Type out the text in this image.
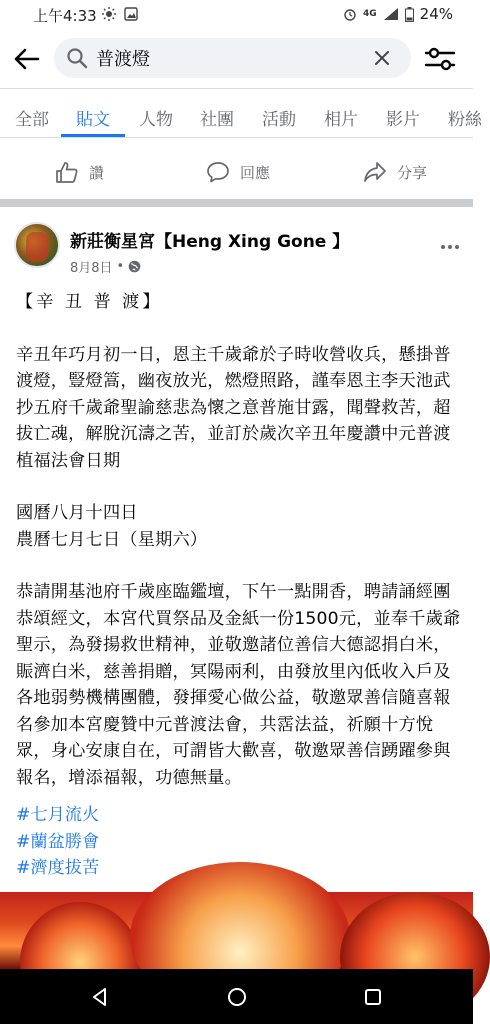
上午4:33	4G	24%
普渡燈
全部 貼文 人物 社團 活動 相片 影片 粉絲
讚	回應	分享
新莊衡星宮【Heng Xing Gone 】
8月8日 •

【辛 丑 普 渡】

辛丑年巧月初一日，恩主千歲爺於子時收營收兵，懸掛普渡燈，豎燈篙，幽夜放光，燃燈照路，謹奉恩主李天池武抄五府千歲爺聖諭慈悲為懷之意普施甘露，聞聲救苦，超拔亡魂，解脫沉濤之苦，並訂於歲次辛丑年慶讚中元普渡植福法會日期

國曆八月十四日
農曆七月七日（星期六）

恭請開基池府千歲座臨鑑壇，下午一點開香，聘請誦經團恭頌經文，本宮代買祭品及金紙一份1500元，並奉千歲爺聖示，為發揚救世精神，並敬邀諸位善信大德認捐白米，賑濟白米，慈善捐贈，冥陽兩利，由發放里內低收入戶及各地弱勢機構團體，發揮愛心做公益，敬邀眾善信隨喜報名參加本宮慶贊中元普渡法會，共霑法益，祈願十方悅眾，身心安康自在，可謂皆大歡喜，敬邀眾善信踴躍參與報名，增添福報，功德無量。

#七月流火
#蘭盆勝會
#濟度拔苦
